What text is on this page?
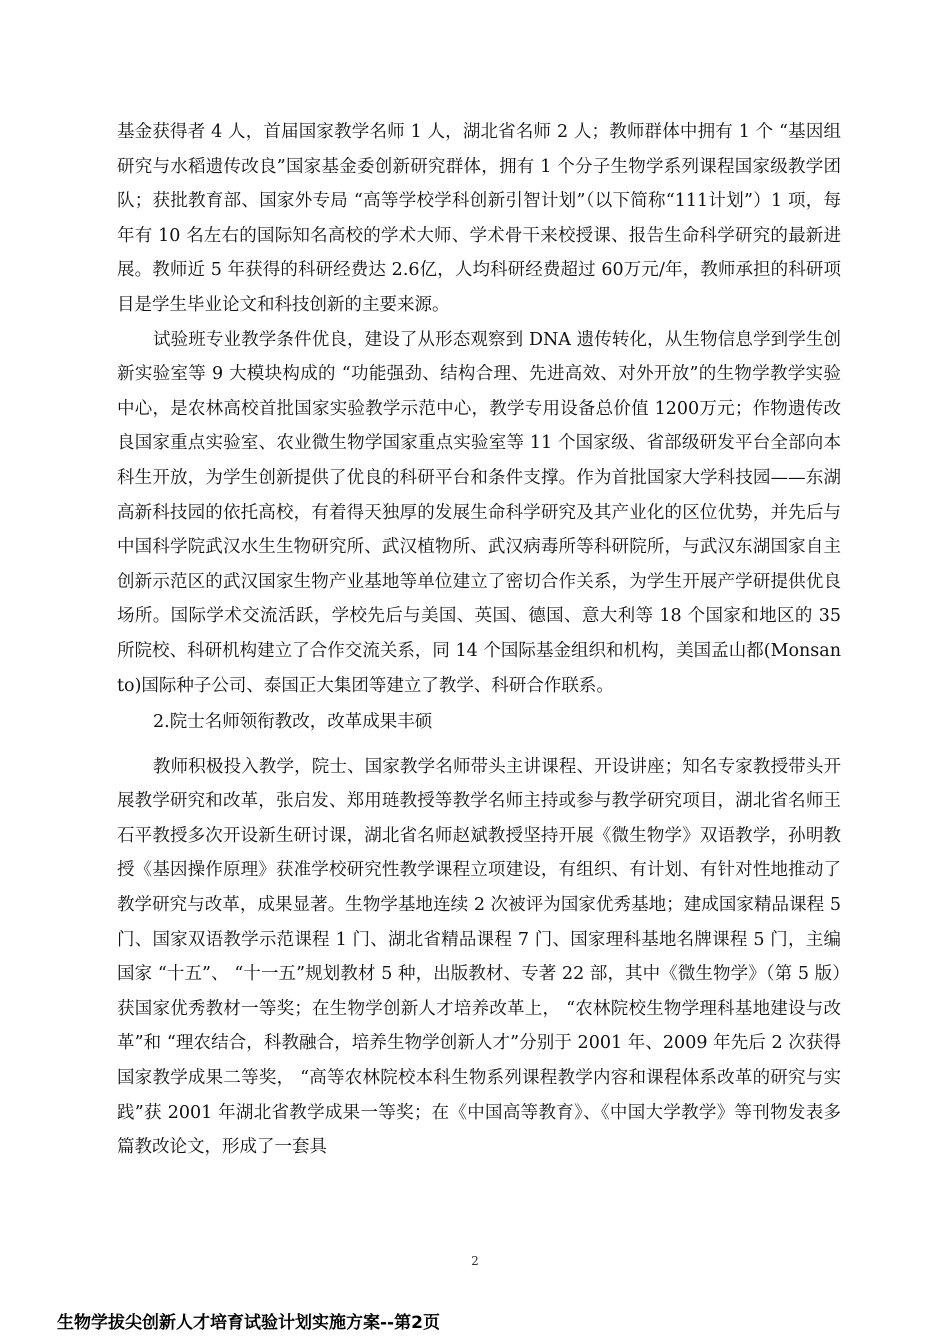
基金获得者 4 人，首届国家教学名师 1 人，湖北省名师 2 人；教师群体中拥有 1 个 “基因组研究与水稻遗传改良”国家基金委创新研究群体，拥有 1 个分子生物学系列课程国家级教学团队；获批教育部、国家外专局 “高等学校学科创新引智计划”（以下简称“111计划”）1 项，每年有 10 名左右的国际知名高校的学术大师、学术骨干来校授课、报告生命科学研究的最新进展。教师近 5 年获得的科研经费达 2.6亿，人均科研经费超过 60万元/年，教师承担的科研项目是学生毕业论文和科技创新的主要来源。

试验班专业教学条件优良，建设了从形态观察到 DNA 遗传转化，从生物信息学到学生创新实验室等 9 大模块构成的 “功能强劲、结构合理、先进高效、对外开放”的生物学教学实验中心，是农林高校首批国家实验教学示范中心，教学专用设备总价值 1200万元；作物遗传改良国家重点实验室、农业微生物学国家重点实验室等 11 个国家级、省部级研发平台全部向本科生开放，为学生创新提供了优良的科研平台和条件支撑。作为首批国家大学科技园——东湖高新科技园的依托高校，有着得天独厚的发展生命科学研究及其产业化的区位优势，并先后与中国科学院武汉水生生物研究所、武汉植物所、武汉病毒所等科研院所，与武汉东湖国家自主创新示范区的武汉国家生物产业基地等单位建立了密切合作关系，为学生开展产学研提供优良场所。国际学术交流活跃，学校先后与美国、英国、德国、意大利等 18 个国家和地区的 35 所院校、科研机构建立了合作交流关系，同 14 个国际基金组织和机构，美国孟山都(Monsanto)国际种子公司、泰国正大集团等建立了教学、科研合作联系。

2.院士名师领衔教改，改革成果丰硕

教师积极投入教学，院士、国家教学名师带头主讲课程、开设讲座；知名专家教授带头开展教学研究和改革，张启发、郑用琏教授等教学名师主持或参与教学研究项目，湖北省名师王石平教授多次开设新生研讨课，湖北省名师赵斌教授坚持开展《微生物学》双语教学，孙明教授《基因操作原理》获准学校研究性教学课程立项建设，有组织、有计划、有针对性地推动了教学研究与改革，成果显著。生物学基地连续 2 次被评为国家优秀基地；建成国家精品课程 5 门、国家双语教学示范课程 1 门、湖北省精品课程 7 门、国家理科基地名牌课程 5 门，主编国家 “十五”、 “十一五”规划教材 5 种，出版教材、专著 22 部，其中《微生物学》（第 5 版）获国家优秀教材一等奖；在生物学创新人才培养改革上， “农林院校生物学理科基地建设与改革”和 “理农结合，科教融合，培养生物学创新人才”分别于 2001 年、2009 年先后 2 次获得国家教学成果二等奖， “高等农林院校本科生物系列课程教学内容和课程体系改革的研究与实践”获 2001 年湖北省教学成果一等奖；在《中国高等教育》、《中国大学教学》等刊物发表多篇教改论文，形成了一套具

2
生物学拔尖创新人才培育试验计划实施方案--第2页
